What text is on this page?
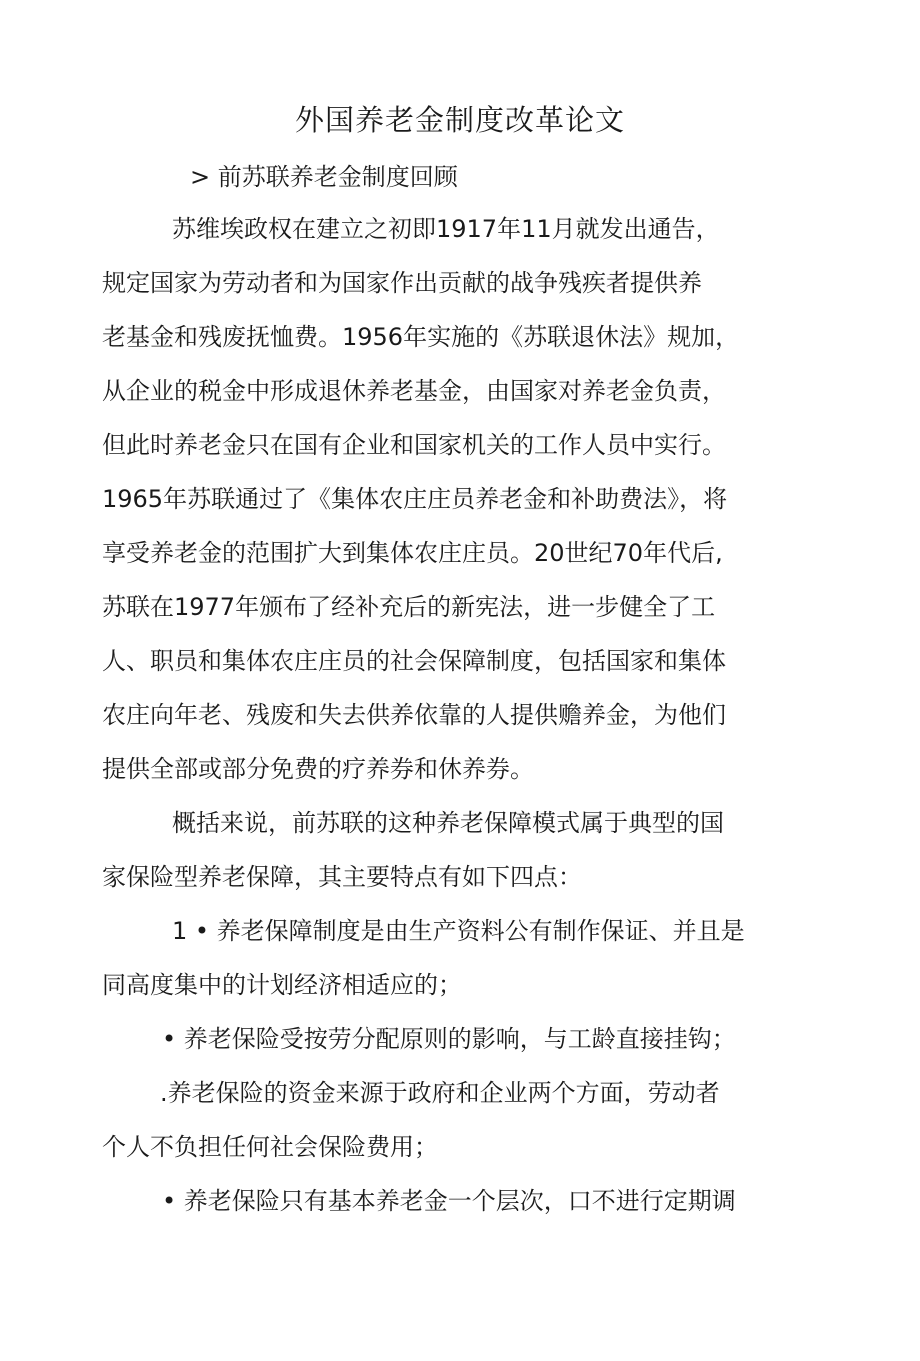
外国养老金制度改革论文
> 前苏联养老金制度回顾
苏维埃政权在建立之初即1917年11月就发出通告，
规定国家为劳动者和为国家作出贡献的战争残疾者提供养
老基金和残废抚恤费。1956年实施的《苏联退休法》规加，
从企业的税金中形成退休养老基金，由国家对养老金负责，
但此时养老金只在国有企业和国家机关的工作人员中实行。
1965年苏联通过了《集体农庄庄员养老金和补助费法》，将
享受养老金的范围扩大到集体农庄庄员。20世纪70年代后,
苏联在1977年颁布了经补充后的新宪法，进一步健全了工
人、职员和集体农庄庄员的社会保障制度，包括国家和集体
农庄向年老、残废和失去供养依靠的人提供赡养金，为他们
提供全部或部分免费的疗养券和休养券。
概括来说，前苏联的这种养老保障模式属于典型的国
家保险型养老保障，其主要特点有如下四点：
1 • 养老保障制度是由生产资料公有制作保证、并且是
同高度集中的计划经济相适应的；
• 养老保险受按劳分配原则的影响，与工龄直接挂钩；
.养老保险的资金来源于政府和企业两个方面，劳动者
个人不负担任何社会保险费用；
• 养老保险只有基本养老金一个层次，口不进行定期调
